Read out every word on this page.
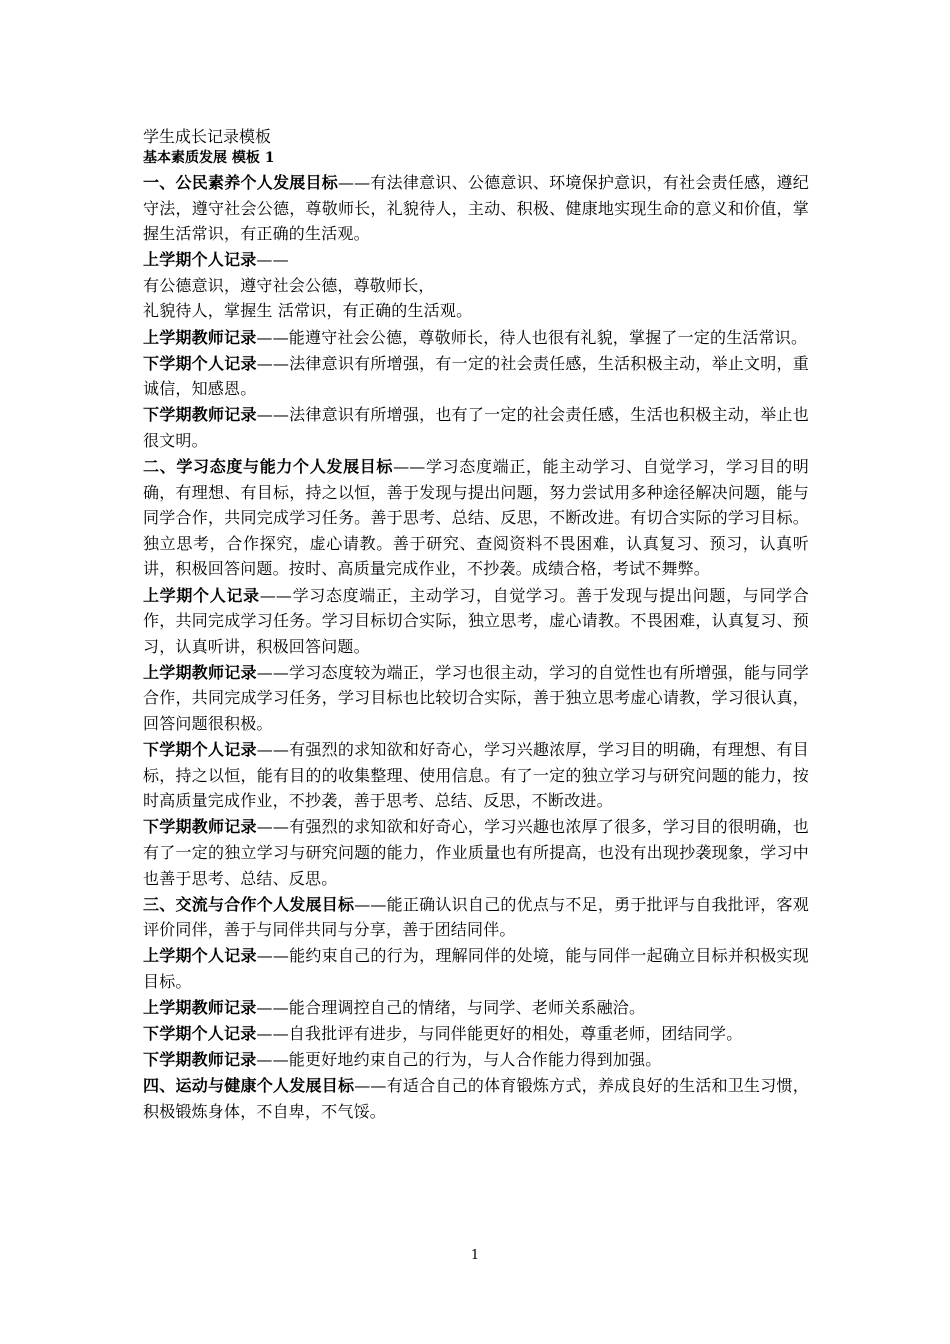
学生成长记录模板

基本素质发展 模板 1

一、公民素养个人发展目标——有法律意识、公德意识、环境保护意识，有社会责任感，遵纪守法，遵守社会公德，尊敬师长，礼貌待人，主动、积极、健康地实现生命的意义和价值，掌握生活常识，有正确的生活观。

上学期个人记录——
有公德意识，遵守社会公德，尊敬师长，
礼貌待人，掌握生 活常识，有正确的生活观。

上学期教师记录——能遵守社会公德，尊敬师长，待人也很有礼貌，掌握了一定的生活常识。

下学期个人记录——法律意识有所增强，有一定的社会责任感，生活积极主动，举止文明，重诚信，知感恩。

下学期教师记录——法律意识有所增强，也有了一定的社会责任感，生活也积极主动，举止也很文明。

二、学习态度与能力个人发展目标——学习态度端正，能主动学习、自觉学习，学习目的明确，有理想、有目标，持之以恒，善于发现与提出问题，努力尝试用多种途径解决问题，能与同学合作，共同完成学习任务。善于思考、总结、反思，不断改进。有切合实际的学习目标。独立思考，合作探究，虚心请教。善于研究、查阅资料不畏困难，认真复习、预习，认真听讲，积极回答问题。按时、高质量完成作业，不抄袭。成绩合格，考试不舞弊。

上学期个人记录——学习态度端正，主动学习，自觉学习。善于发现与提出问题，与同学合作，共同完成学习任务。学习目标切合实际，独立思考，虚心请教。不畏困难，认真复习、预习，认真听讲，积极回答问题。

上学期教师记录——学习态度较为端正，学习也很主动，学习的自觉性也有所增强，能与同学合作，共同完成学习任务，学习目标也比较切合实际，善于独立思考虚心请教，学习很认真，回答问题很积极。

下学期个人记录——有强烈的求知欲和好奇心，学习兴趣浓厚，学习目的明确，有理想、有目标，持之以恒，能有目的的收集整理、使用信息。有了一定的独立学习与研究问题的能力，按时高质量完成作业，不抄袭，善于思考、总结、反思，不断改进。

下学期教师记录——有强烈的求知欲和好奇心，学习兴趣也浓厚了很多，学习目的很明确，也有了一定的独立学习与研究问题的能力，作业质量也有所提高，也没有出现抄袭现象，学习中也善于思考、总结、反思。

三、交流与合作个人发展目标——能正确认识自己的优点与不足，勇于批评与自我批评，客观评价同伴，善于与同伴共同与分享，善于团结同伴。

上学期个人记录——能约束自己的行为，理解同伴的处境，能与同伴一起确立目标并积极实现目标。

上学期教师记录——能合理调控自己的情绪，与同学、老师关系融洽。

下学期个人记录——自我批评有进步，与同伴能更好的相处，尊重老师，团结同学。

下学期教师记录——能更好地约束自己的行为，与人合作能力得到加强。

四、运动与健康个人发展目标——有适合自己的体育锻炼方式，养成良好的生活和卫生习惯，积极锻炼身体，不自卑，不气馁。

1
